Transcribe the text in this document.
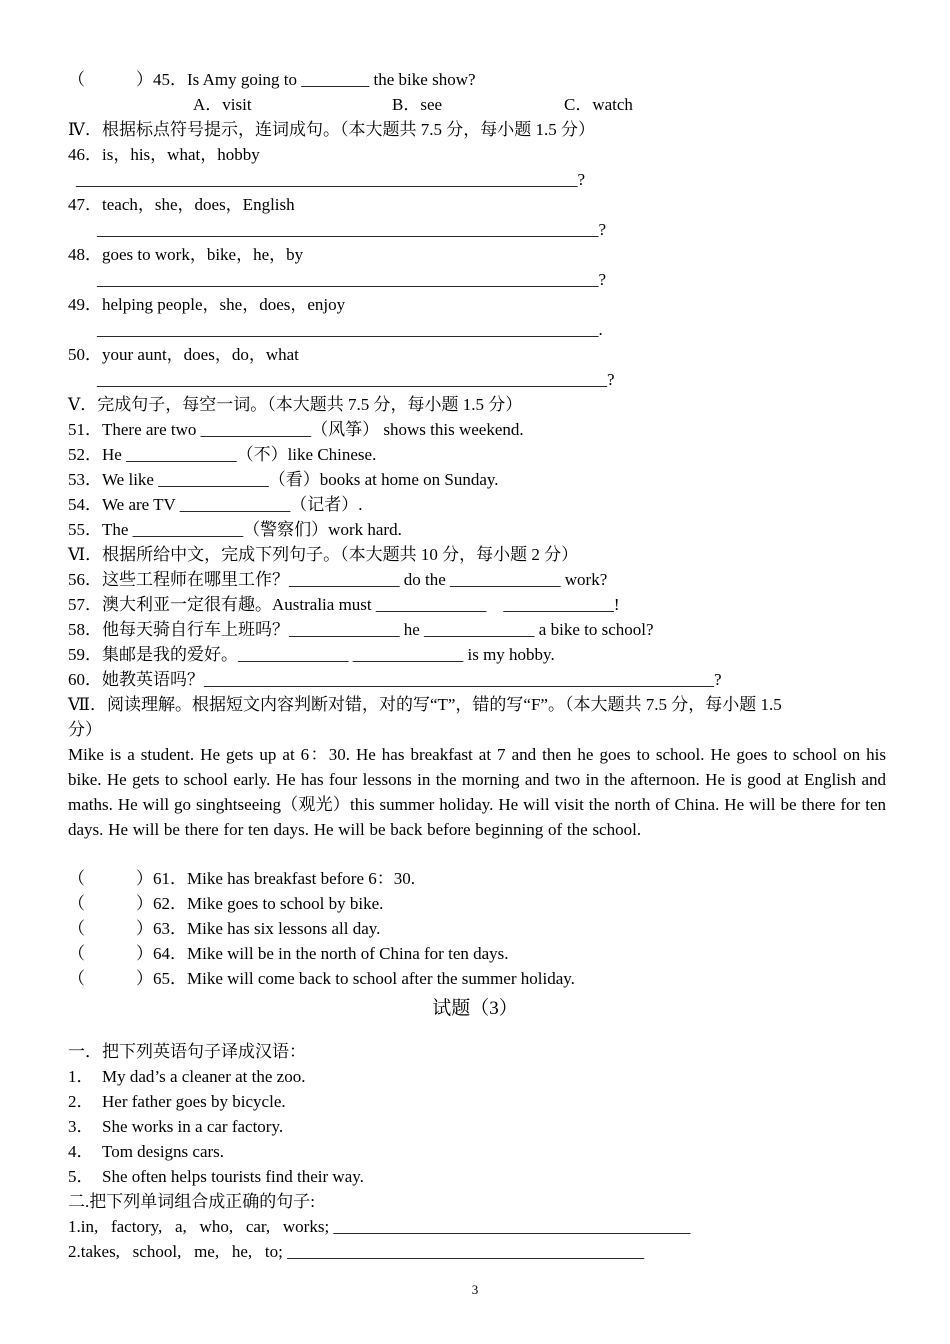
（　　　）45．Is Amy going to ________ the bike show?

A．visit

	B．see

	C．watch

Ⅳ．根据标点符号提示，连词成句。（本大题共 7.5 分，每小题 1.5 分）
46．is，his，what，hobby
___________________________________________________________?
47．teach，she，does，English
___________________________________________________________?
48．goes to work，bike，he，by
___________________________________________________________?
49．helping people，she，does，enjoy
___________________________________________________________.
50．your aunt，does，do，what
____________________________________________________________?
Ⅴ．完成句子，每空一词。（本大题共 7.5 分，每小题 1.5 分）
51．There are two _____________（风筝） shows this weekend.
52．He _____________（不）like Chinese.
53．We like _____________（看）books at home on Sunday.
54．We are TV _____________（记者）.
55．The _____________（警察们）work hard.
Ⅵ．根据所给中文，完成下列句子。（本大题共 10 分，每小题 2 分）
56．这些工程师在哪里工作？_____________ do the _____________ work?
57．澳大利亚一定很有趣。Australia must _____________　_____________!
58．他每天骑自行车上班吗？_____________ he _____________ a bike to school?
59．集邮是我的爱好。_____________ _____________ is my hobby.
60．她教英语吗？____________________________________________________________?
Ⅶ．阅读理解。根据短文内容判断对错，对的写“T”，错的写“F”。（本大题共 7.5 分，每小题 1.5
分）
Mike is a student. He gets up at 6：30. He has breakfast at 7 and then he goes to school. He goes to school on his bike. He gets to school early. He has four lessons in the morning and two in the afternoon. He is good at English and maths. He will go singhtseeing（观光）this summer holiday. He will visit the north of China. He will be there for ten days. He will be there for ten days. He will be back before beginning of the school.
（　　　）61．Mike has breakfast before 6：30.
（　　　）62．Mike goes to school by bike.
（　　　）63．Mike has six lessons all day.
（　　　）64．Mike will be in the north of China for ten days.
（　　　）65．Mike will come back to school after the summer holiday.
试题（3）
一．把下列英语句子译成汉语：
1．　My dad’s a cleaner at the zoo.
2．　Her father goes by bicycle.
3．　She works in a car factory.
4．　Tom designs cars.
5．　She often helps tourists find their way.
二.把下列单词组合成正确的句子:
1.in,   factory,   a,   who,   car,   works; __________________________________________
2.takes,   school,   me,   he,   to; __________________________________________
3
